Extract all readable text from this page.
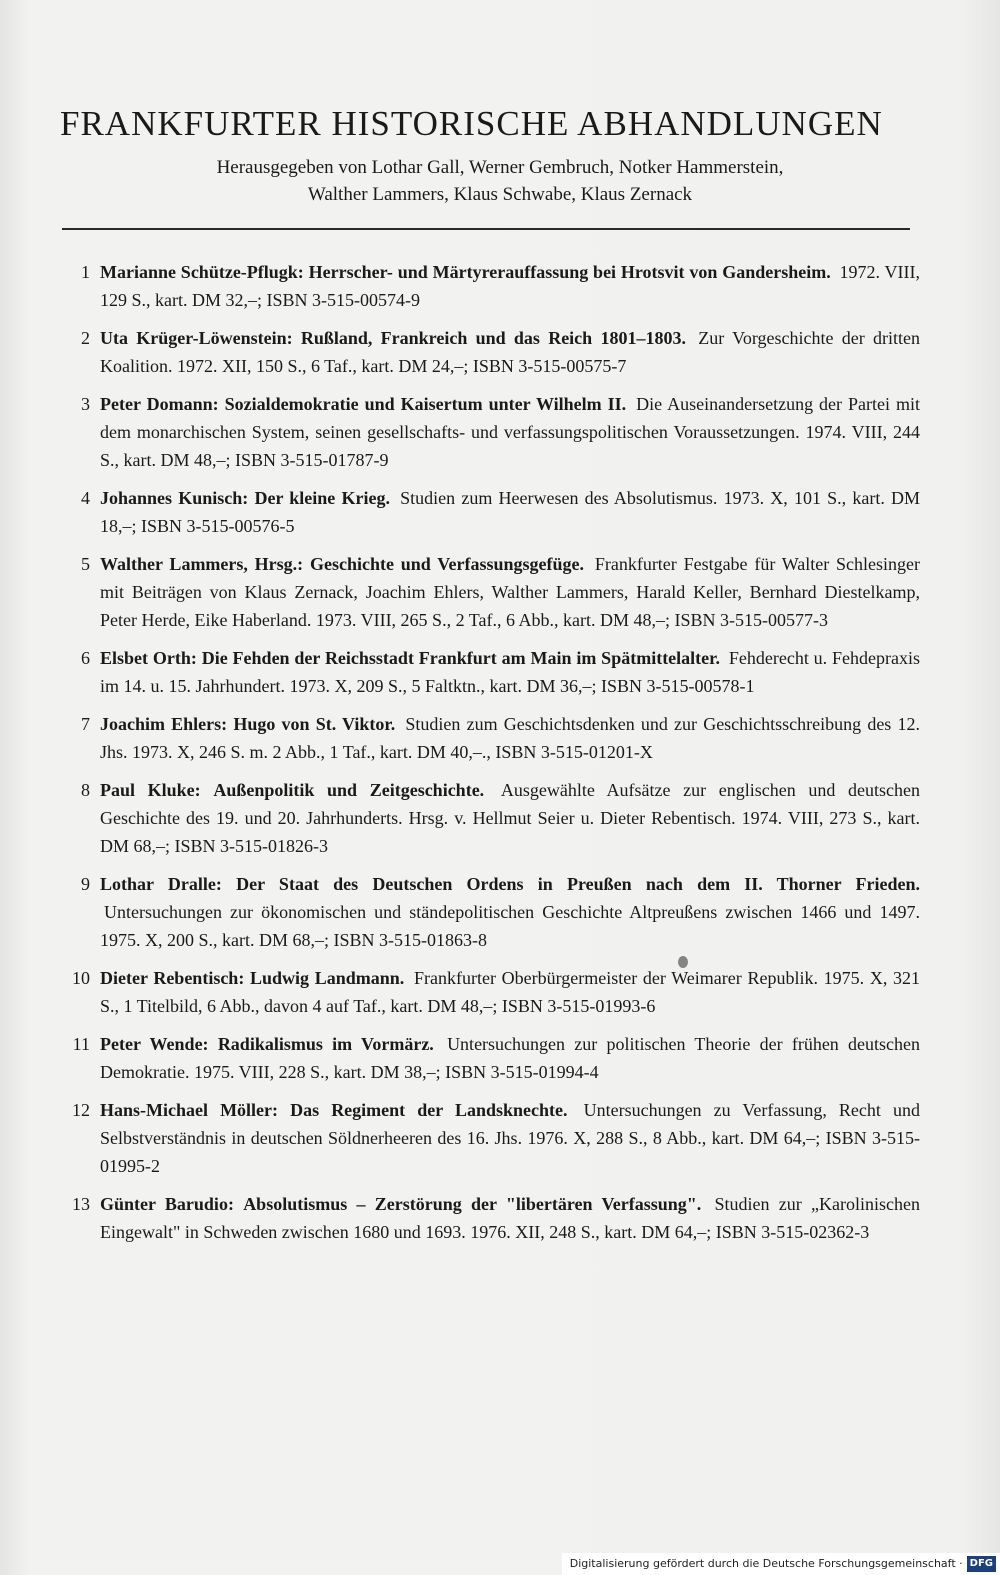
FRANKFURTER HISTORISCHE ABHANDLUNGEN
Herausgegeben von Lothar Gall, Werner Gembruch, Notker Hammerstein,
Walther Lammers, Klaus Schwabe, Klaus Zernack
1 Marianne Schütze-Pflugk: Herrscher- und Märtyrerauffassung bei Hrotsvit von Gandersheim. 1972. VIII, 129 S., kart. DM 32,–; ISBN 3-515-00574-9
2 Uta Krüger-Löwenstein: Rußland, Frankreich und das Reich 1801–1803. Zur Vorgeschichte der dritten Koalition. 1972. XII, 150 S., 6 Taf., kart. DM 24,–; ISBN 3-515-00575-7
3 Peter Domann: Sozialdemokratie und Kaisertum unter Wilhelm II. Die Auseinandersetzung der Partei mit dem monarchischen System, seinen gesellschafts- und verfassungspolitischen Voraussetzungen. 1974. VIII, 244 S., kart. DM 48,–; ISBN 3-515-01787-9
4 Johannes Kunisch: Der kleine Krieg. Studien zum Heerwesen des Absolutismus. 1973. X, 101 S., kart. DM 18,–; ISBN 3-515-00576-5
5 Walther Lammers, Hrsg.: Geschichte und Verfassungsgefüge. Frankfurter Festgabe für Walter Schlesinger mit Beiträgen von Klaus Zernack, Joachim Ehlers, Walther Lammers, Harald Keller, Bernhard Diestelkamp, Peter Herde, Eike Haberland. 1973. VIII, 265 S., 2 Taf., 6 Abb., kart. DM 48,–; ISBN 3-515-00577-3
6 Elsbet Orth: Die Fehden der Reichsstadt Frankfurt am Main im Spätmittelalter. Fehderecht u. Fehdepraxis im 14. u. 15. Jahrhundert. 1973. X, 209 S., 5 Faltktn., kart. DM 36,–; ISBN 3-515-00578-1
7 Joachim Ehlers: Hugo von St. Viktor. Studien zum Geschichtsdenken und zur Geschichtsschreibung des 12. Jhs. 1973. X, 246 S. m. 2 Abb., 1 Taf., kart. DM 40,–., ISBN 3-515-01201-X
8 Paul Kluke: Außenpolitik und Zeitgeschichte. Ausgewählte Aufsätze zur englischen und deutschen Geschichte des 19. und 20. Jahrhunderts. Hrsg. v. Hellmut Seier u. Dieter Rebentisch. 1974. VIII, 273 S., kart. DM 68,–; ISBN 3-515-01826-3
9 Lothar Dralle: Der Staat des Deutschen Ordens in Preußen nach dem II. Thorner Frieden. Untersuchungen zur ökonomischen und ständepolitischen Geschichte Altpreußens zwischen 1466 und 1497. 1975. X, 200 S., kart. DM 68,–; ISBN 3-515-01863-8
10 Dieter Rebentisch: Ludwig Landmann. Frankfurter Oberbürgermeister der Weimarer Republik. 1975. X, 321 S., 1 Titelbild, 6 Abb., davon 4 auf Taf., kart. DM 48,–; ISBN 3-515-01993-6
11 Peter Wende: Radikalismus im Vormärz. Untersuchungen zur politischen Theorie der frühen deutschen Demokratie. 1975. VIII, 228 S., kart. DM 38,–; ISBN 3-515-01994-4
12 Hans-Michael Möller: Das Regiment der Landsknechte. Untersuchungen zu Verfassung, Recht und Selbstverständnis in deutschen Söldnerheeren des 16. Jhs. 1976. X, 288 S., 8 Abb., kart. DM 64,–; ISBN 3-515-01995-2
13 Günter Barudio: Absolutismus – Zerstörung der "libertären Verfassung". Studien zur „Karolinischen Eingewalt" in Schweden zwischen 1680 und 1693. 1976. XII, 248 S., kart. DM 64,–; ISBN 3-515-02362-3
Digitalisierung gefördert durch die Deutsche Forschungsgemeinschaft · DFG
